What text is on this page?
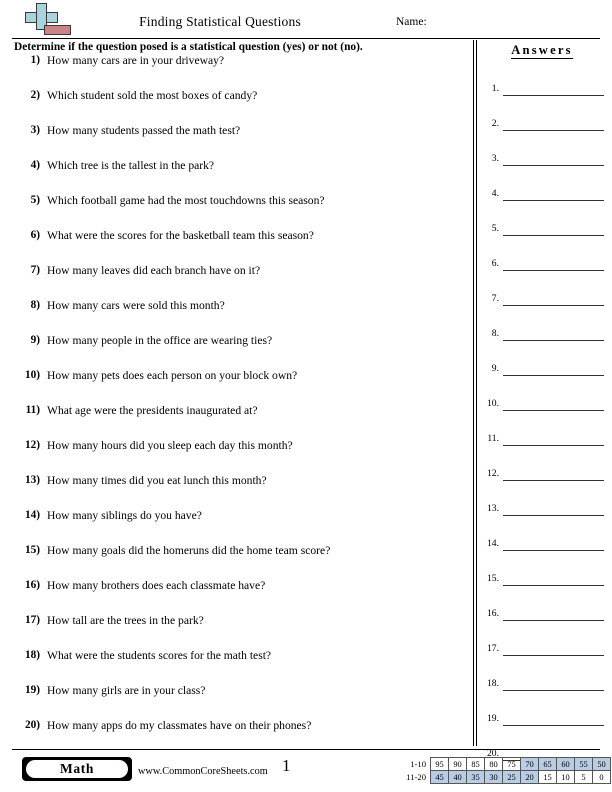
Finding Statistical Questions	Name:
Determine if the question posed is a statistical question (yes) or not (no).
1) How many cars are in your driveway?
2) Which student sold the most boxes of candy?
3) How many students passed the math test?
4) Which tree is the tallest in the park?
5) Which football game had the most touchdowns this season?
6) What were the scores for the basketball team this season?
7) How many leaves did each branch have on it?
8) How many cars were sold this month?
9) How many people in the office are wearing ties?
10) How many pets does each person on your block own?
11) What age were the presidents inaugurated at?
12) How many hours did you sleep each day this month?
13) How many times did you eat lunch this month?
14) How many siblings do you have?
15) How many goals did the homeruns did the home team score?
16) How many brothers does each classmate have?
17) How tall are the trees in the park?
18) What were the students scores for the math test?
19) How many girls are in your class?
20) How many apps do my classmates have on their phones?
Answers
1.
2.
3.
4.
5.
6.
7.
8.
9.
10.
11.
12.
13.
14.
15.
16.
17.
18.
19.
20.
Math	www.CommonCoreSheets.com 1	1-10	95	90	85	80	75	70	65	60	55	50
11-20	45	40	35	30	25	20	15	10	5	0
